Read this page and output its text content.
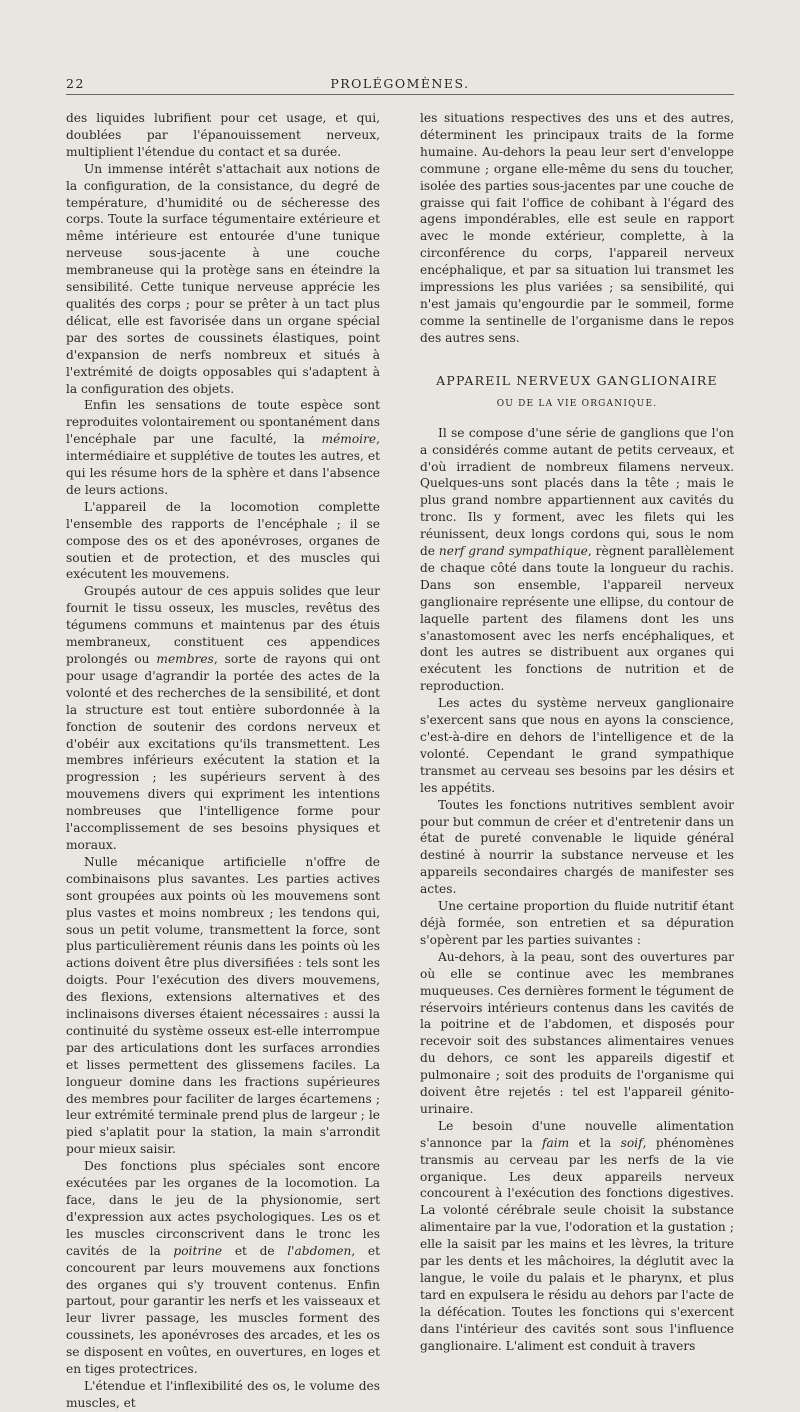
22	PROLÉGOMÈNES.

des liquides lubrifient pour cet usage, et qui, doublées par l'épanouissement nerveux, multiplient l'étendue du contact et sa durée.

Un immense intérêt s'attachait aux notions de la configuration, de la consistance, du degré de température, d'humidité ou de sécheresse des corps. Toute la surface tégumentaire extérieure et même intérieure est entourée d'une tunique nerveuse sous-jacente à une couche membraneuse qui la protège sans en éteindre la sensibilité. Cette tunique nerveuse apprécie les qualités des corps ; pour se prêter à un tact plus délicat, elle est favorisée dans un organe spécial par des sortes de coussinets élastiques, point d'expansion de nerfs nombreux et situés à l'extrémité de doigts opposables qui s'adaptent à la configuration des objets.

Enfin les sensations de toute espèce sont reproduites volontairement ou spontanément dans l'encéphale par une faculté, la mémoire, intermédiaire et supplétive de toutes les autres, et qui les résume hors de la sphère et dans l'absence de leurs actions.

L'appareil de la locomotion complette l'ensemble des rapports de l'encéphale ; il se compose des os et des aponévroses, organes de soutien et de protection, et des muscles qui exécutent les mouvemens.

Groupés autour de ces appuis solides que leur fournit le tissu osseux, les muscles, revêtus des tégumens communs et maintenus par des étuis membraneux, constituent ces appendices prolongés ou membres, sorte de rayons qui ont pour usage d'agrandir la portée des actes de la volonté et des recherches de la sensibilité, et dont la structure est tout entière subordonnée à la fonction de soutenir des cordons nerveux et d'obéir aux excitations qu'ils transmettent. Les membres inférieurs exécutent la station et la progression ; les supérieurs servent à des mouvemens divers qui expriment les intentions nombreuses que l'intelligence forme pour l'accomplissement de ses besoins physiques et moraux.

Nulle mécanique artificielle n'offre de combinaisons plus savantes. Les parties actives sont groupées aux points où les mouvemens sont plus vastes et moins nombreux ; les tendons qui, sous un petit volume, transmettent la force, sont plus particulièrement réunis dans les points où les actions doivent être plus diversifiées : tels sont les doigts. Pour l'exécution des divers mouvemens, des flexions, extensions alternatives et des inclinaisons diverses étaient nécessaires : aussi la continuité du système osseux est-elle interrompue par des articulations dont les surfaces arrondies et lisses permettent des glissemens faciles. La longueur domine dans les fractions supérieures des membres pour faciliter de larges écartemens ; leur extrémité terminale prend plus de largeur ; le pied s'aplatit pour la station, la main s'arrondit pour mieux saisir.

Des fonctions plus spéciales sont encore exécutées par les organes de la locomotion. La face, dans le jeu de la physionomie, sert d'expression aux actes psychologiques. Les os et les muscles circonscrivent dans le tronc les cavités de la poitrine et de l'abdomen, et concourent par leurs mouvemens aux fonctions des organes qui s'y trouvent contenus. Enfin partout, pour garantir les nerfs et les vaisseaux et leur livrer passage, les muscles forment des coussinets, les aponévroses des arcades, et les os se disposent en voûtes, en ouvertures, en loges et en tiges protectrices.

L'étendue et l'inflexibilité des os, le volume des muscles, et

les situations respectives des uns et des autres, déterminent les principaux traits de la forme humaine. Au-dehors la peau leur sert d'enveloppe commune ; organe elle-même du sens du toucher, isolée des parties sous-jacentes par une couche de graisse qui fait l'office de cohibant à l'égard des agens impondérables, elle est seule en rapport avec le monde extérieur, complette, à la circonférence du corps, l'appareil nerveux encéphalique, et par sa situation lui transmet les impressions les plus variées ; sa sensibilité, qui n'est jamais qu'engourdie par le sommeil, forme comme la sentinelle de l'organisme dans le repos des autres sens.

APPAREIL NERVEUX GANGLIONAIRE
OU DE LA VIE ORGANIQUE.

Il se compose d'une série de ganglions que l'on a considérés comme autant de petits cerveaux, et d'où irradient de nombreux filamens nerveux. Quelques-uns sont placés dans la tête ; mais le plus grand nombre appartiennent aux cavités du tronc. Ils y forment, avec les filets qui les réunissent, deux longs cordons qui, sous le nom de nerf grand sympathique, règnent parallèlement de chaque côté dans toute la longueur du rachis. Dans son ensemble, l'appareil nerveux ganglionaire représente une ellipse, du contour de laquelle partent des filamens dont les uns s'anastomosent avec les nerfs encéphaliques, et dont les autres se distribuent aux organes qui exécutent les fonctions de nutrition et de reproduction.

Les actes du système nerveux ganglionaire s'exercent sans que nous en ayons la conscience, c'est-à-dire en dehors de l'intelligence et de la volonté. Cependant le grand sympathique transmet au cerveau ses besoins par les désirs et les appétits.

Toutes les fonctions nutritives semblent avoir pour but commun de créer et d'entretenir dans un état de pureté convenable le liquide général destiné à nourrir la substance nerveuse et les appareils secondaires chargés de manifester ses actes.

Une certaine proportion du fluide nutritif étant déjà formée, son entretien et sa dépuration s'opèrent par les parties suivantes :

Au-dehors, à la peau, sont des ouvertures par où elle se continue avec les membranes muqueuses. Ces dernières forment le tégument de réservoirs intérieurs contenus dans les cavités de la poitrine et de l'abdomen, et disposés pour recevoir soit des substances alimentaires venues du dehors, ce sont les appareils digestif et pulmonaire ; soit des produits de l'organisme qui doivent être rejetés : tel est l'appareil génito-urinaire.

Le besoin d'une nouvelle alimentation s'annonce par la faim et la soif, phénomènes transmis au cerveau par les nerfs de la vie organique. Les deux appareils nerveux concourent à l'exécution des fonctions digestives. La volonté cérébrale seule choisit la substance alimentaire par la vue, l'odoration et la gustation ; elle la saisit par les mains et les lèvres, la triture par les dents et les mâchoires, la déglutit avec la langue, le voile du palais et le pharynx, et plus tard en expulsera le résidu au dehors par l'acte de la défécation. Toutes les fonctions qui s'exercent dans l'intérieur des cavités sont sous l'influence ganglionaire. L'aliment est conduit à travers
